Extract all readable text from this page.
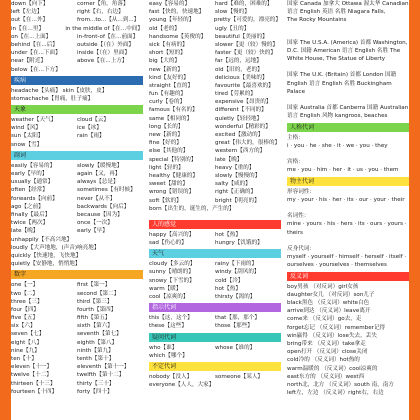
down【向下】	corner【角，角落】
left【左边】	right【右，右边】
out【在…外】	from...to...【从...到...】
in【在…里】	in the middle of【在…中间】
on【在...上面】	in-front-of【在...前面】
behind【在...后】	outside【（在）外面】
under【在...下面】	inside【（在）里面】
near【附近】	above【在...上方】
below【在...下方】
疾病
headache【头痛】 skin【皮肤，皮】
stomachache【胃痛，肚子痛】
天象
weather【天气】	cloud【云】
wind【风】	ice【冰】
sun【太阳】	rain【雨】
snow【雪】
副词
easily【容易的】	slowly【缓慢地】
early【早的】	again【又，再】
usually【通常】	always【总是】
often【经常】	sometimes【有时候】
forwards【向前】	never【从不】
ago【之前】	backwards【向后】
finally【最后】	because【因为】
twice【两次】	once【一次】
late【晚】	early【早】
unhappily【不高兴地】
loudly【大声地地，(声音)响亮地】
quickly【快速地，飞快地】
quietly【安静地，悄悄地】
数字
one【一】	first【第一】
two【二】	second【第二】
three【三】	third【第三】
four【四】	fourth【第四】
five【五】	fifth【第五】
six【六】	sixth【第六】
seven【七】	seventh【第七】
eight【八】	eighth【第八】
nine【九】	ninth【第九】
ten【十】	tenth【第十】
eleven【十一】	eleventh【第十一】
twelve【十二】	twelfth【第十二】
thirteen【十三】	thirty【三十】
fourteen【十四】	forty【四十】
easy【容易的】	hard【难的，困难的】
fast【快的，快速地】	slow【慢的】
young【年轻的】	pretty【可爱的，漂亮的】
old【老的】	ugly【丑的】
handsome【英俊的】	beautiful【美丽的】
sick【有病的】	slower【更（较）慢的】
short【短的】	faster【更（较）快的】
big【大的】	far【远的，远地】
new【新的】	old【旧的，老的】
kind【友好的】	delicious【美味的】
straight【直的】	favourite【最喜欢的】
fun【有趣的】	tired【劳累的】
curly【卷的】	expensive【昂贵的】
famous【有名的】	different【不同的】
same【相同的】	quietly【轻轻地】
long【长的】	wonderful【精彩的】
new【新的】	excited【激动的】
fine【好的】	great【伟大的，很棒的】
else【其他的】	western【西方的】
special【特别的】	late【晚】
light【轻的】	heavy【重的】
healthy【健康的】	slowly【慢慢的】
sweet【甜的】	salty【咸的】
wrong【错误的】	right【正确的】
soft【软的】	bright【明亮的】
born【出生的，诞生的，产生的】
人的感觉
happy【高兴的】	hot【热】
sad【伤心的】	hungry【饥饿的】
天气
cloudy【多云的】	rainy【下雨的】
sunny【晴朗的】	windy【刮风的】
snowy【下雪的】	cold【冷】
warm【暖】	hot【热】
cool【凉爽的】	thirsty【渴的】
指示代词
this【这，这个】	that【那，那个】
these【这些】	those【那些】
疑问代词
who【谁】	whose【谁的】
which【哪个】
不定代词
nobody【没人】	someone【某人】
everyone【人人，大家】
国家 Canada 加拿大 Ottawa 渥太华 Canadian
语言 English 英语 名胜 Niagara Falls,
The Rocky Mountains
国家 The U.S.A. (America) 首都 Washington,
D.C. 国籍 American 语言 English 名胜 The
White House, The Statue of Liberty
国家 The U.K. (Britain) 首都 London 国籍
English 语言 English 名胜 Buckingham
Palace
国家 Australia 首都 Canberra 国籍 Australian
语言 English 风物 kangroos, beaches
人称代词
主格：
i · you · he · she · it · we · you · they
宾格：
me · you · him · her · it · us · you · them
物主代词
形容词性：
my · your · his · her · its · our · your · their
名词性：
mine · yours · his · hers · its · ours · yours ·
theirs
反身代词：
myself · yourself · himself · herself · itself ·
ourselves · yourselves · themselves
反义词
boy男孩 （对反词）girl女孩
daughter女儿 （对反词）son儿子
black黑色 （反义词）white白色
arrive到达 （反义词）leave离开
come来 （反义词）go去，走
forget忘记 （反义词）remember记得
win赢得 （反义词）lose失去，丢失
bring带来 （反义词）take拿走
open打开 （反义词）close关闭
cold冷的 （反义词）hot热的
warm温暖的 （反义词）cool凉爽的
east东方的 （反义词）west西
north北，北方 （反义词）south 南，南方
left左，左边 （反义词）right右，右边
